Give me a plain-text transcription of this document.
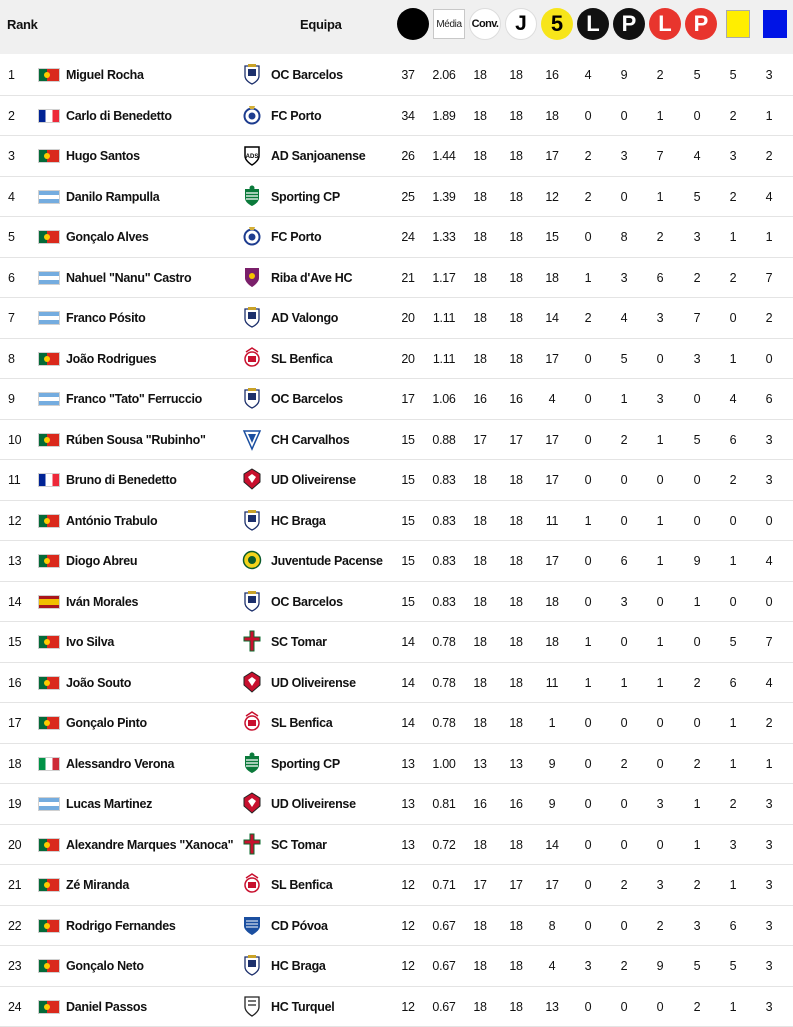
Rank	Equipa	Média Conv. J	5	L P L P
1	Miguel Rocha	OC Barcelos	37	2.06	18	18	16	4	9	2	5	5	3
2	Carlo di Benedetto	FC Porto	34	1.89	18	18	18	0	0	1	0	2	1
3	Hugo Santos	ADS AD Sanjoanense	26	1.44	18	18	17	2	3	7	4	3	2
4	Danilo Rampulla	Sporting CP	25	1.39	18	18	12	2	0	1	5	2	4
5	Gonçalo Alves	FC Porto	24	1.33	18	18	15	0	8	2	3	1	1
6	Nahuel "Nanu" Castro	Riba d'Ave HC	21	1.17	18	18	18	1	3	6	2	2	7
7	Franco Pósito	AD Valongo	20	1.11	18	18	14	2	4	3	7	0	2
8	João Rodrigues	SL Benfica	20	1.11	18	18	17	0	5	0	3	1	0
9	Franco "Tato" Ferruccio	OC Barcelos	17	1.06	16	16	4	0	1	3	0	4	6
10	Rúben Sousa "Rubinho"	CH Carvalhos	15	0.88	17	17	17	0	2	1	5	6	3
11	Bruno di Benedetto	UD Oliveirense	15	0.83	18	18	17	0	0	0	0	2	3
12	António Trabulo	HC Braga	15	0.83	18	18	11	1	0	1	0	0	0
13	Diogo Abreu	Juventude Pacense	15	0.83	18	18	17	0	6	1	9	1	4
14	Iván Morales	OC Barcelos	15	0.83	18	18	18	0	3	0	1	0	0
15	Ivo Silva	SC Tomar	14	0.78	18	18	18	1	0	1	0	5	7
16	João Souto	UD Oliveirense	14	0.78	18	18	11	1	1	1	2	6	4
17	Gonçalo Pinto	SL Benfica	14	0.78	18	18	1	0	0	0	0	1	2
18	Alessandro Verona	Sporting CP	13	1.00	13	13	9	0	2	0	2	1	1
19	Lucas Martinez	UD Oliveirense	13	0.81	16	16	9	0	0	3	1	2	3
20	Alexandre Marques "Xanoca"	SC Tomar	13	0.72	18	18	14	0	0	0	1	3	3
21	Zé Miranda	SL Benfica	12	0.71	17	17	17	0	2	3	2	1	3
22	Rodrigo Fernandes	CD Póvoa	12	0.67	18	18	8	0	0	2	3	6	3
23	Gonçalo Neto	HC Braga	12	0.67	18	18	4	3	2	9	5	5	3
24	Daniel Passos	HC Turquel	12	0.67	18	18	13	0	0	0	2	1	3
